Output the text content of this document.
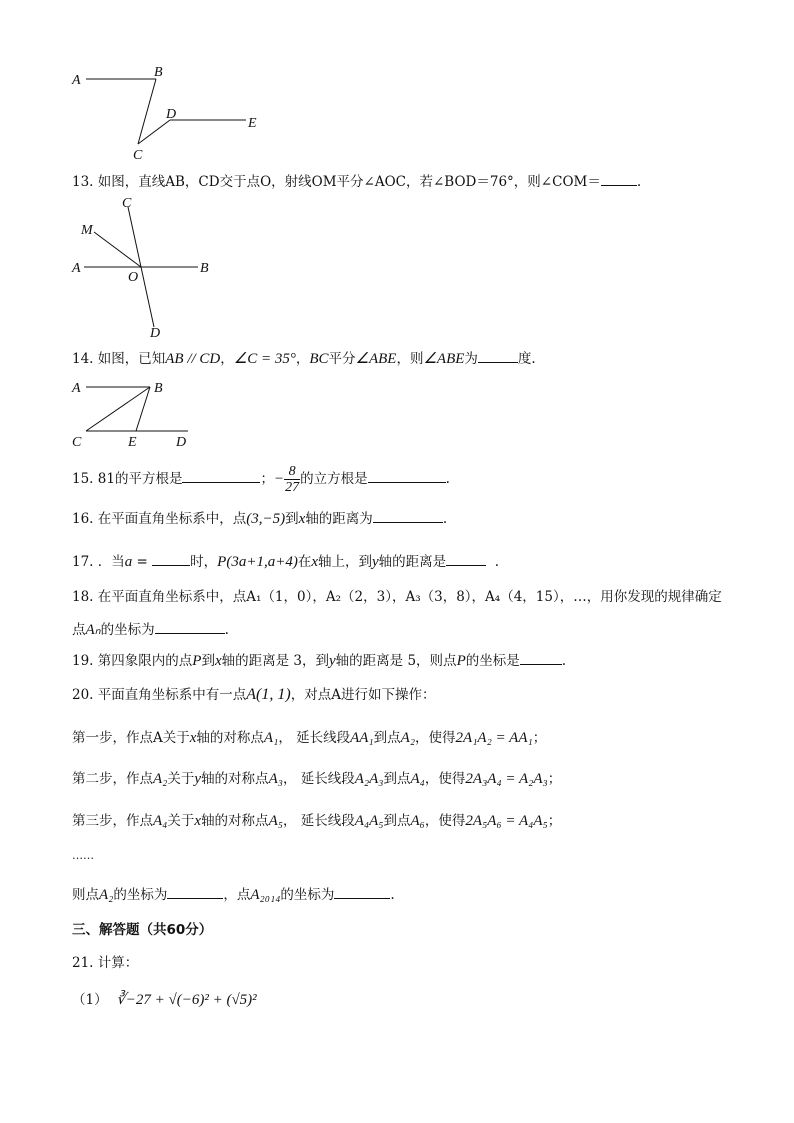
A
B
C
D
E
13. 如图，直线AB，CD交于点O，射线OM平分∠AOC，若∠BOD＝76°，则∠COM＝	.
C
M
A
O
B
D
14. 如图，已知AB // CD，∠C = 35°，BC平分∠ABE，则∠ABE为	度.
A	B
C	E	D
15. 81的平方根是	；− $\frac{8}{27}$ 的立方根是	.
16. 在平面直角坐标系中，点(3,−5)到x轴的距离为	.
17. ．当a =	时，P(3a+1,a+4)在x轴上，到y轴的距离是	.
18. 在平面直角坐标系中，点A₁（1，0），A₂（2，3），A₃（3，8），A₄（4，15），…，用你发现的规律确定
点Aₙ的坐标为	.
19. 第四象限内的点P到x轴的距离是 3，到y轴的距离是 5，则点P的坐标是	.
20. 平面直角坐标系中有一点A(1, 1)，对点A进行如下操作：
第一步，作点A关于x轴的对称点A₁， 延长线段AA₁到点A₂，使得2A₁A₂ = AA₁；
第二步，作点A₂关于y轴的对称点A₃， 延长线段A₂A₃到点A₄，使得2A₃A₄ = A₂A₃；
第三步，作点A₄关于x轴的对称点A₅， 延长线段A₄A₅到点A₆，使得2A₅A₆ = A₄A₅；
……
则点A₂的坐标为	，点A₂₀₁₄的坐标为	.
三、解答题（共60分）
21. 计算：
（1） ∛−27 + √(−6)² + (√5)²
